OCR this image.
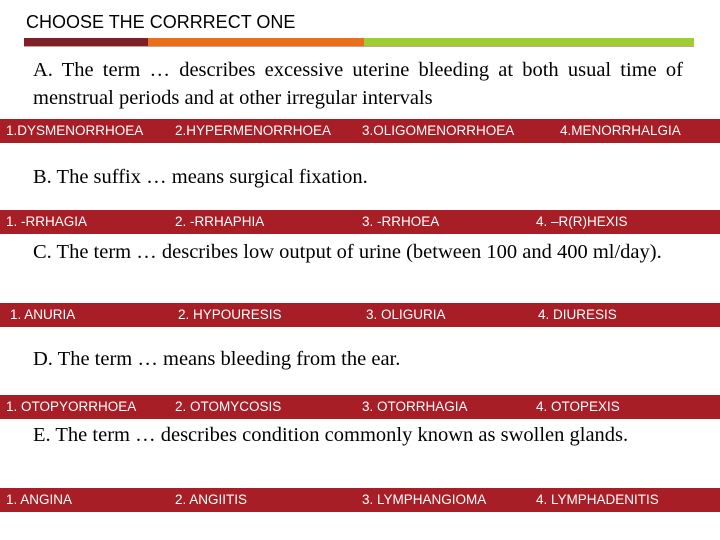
CHOOSE THE CORRRECT ONE

A. The term … describes excessive uterine bleeding at both usual time of menstrual periods and at other irregular intervals

1.DYSMENORRHOEA 2.HYPERMENORRHOEA 3.OLIGOMENORRHOEA	4.MENORRHALGIA

B. The suffix … means surgical fixation.

1. -RRHAGIA	2. -RRHAPHIA	3. -RRHOEA	4. –R(R)HEXIS

C. The term … describes low output of urine (between 100 and 400 ml/day).

1. ANURIA	2. HYPOURESIS	3. OLIGURIA	4. DIURESIS

D. The term … means bleeding from the ear.

1. OTOPYORRHOEA	2. OTOMYCOSIS	3. OTORRHAGIA	4. OTOPEXIS

E. The term … describes condition commonly known as swollen glands.

1. ANGINA	2. ANGIITIS	3. LYMPHANGIOMA	4. LYMPHADENITIS
